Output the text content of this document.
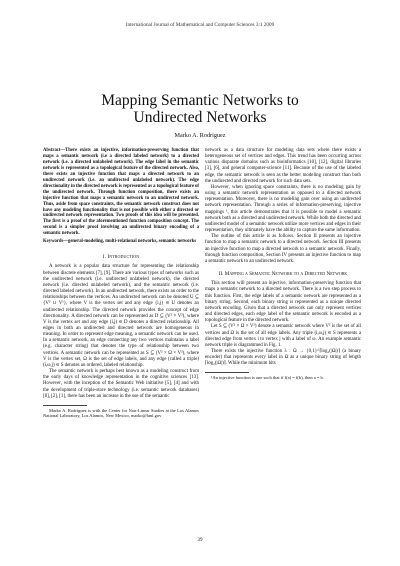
International Journal of Mathematical and Computer Sciences 3:1 2009
Mapping Semantic Networks to
Undirected Networks
Marko A. Rodriguez

Abstract—There exists an injective, information-preserving function that maps a semantic network (i.e a directed labeled network) to a directed network (i.e. a directed unlabeled network). The edge label in the semantic network is represented as a topological feature of the directed network. Also, there exists an injective function that maps a directed network to an undirected network (i.e. an undirected unlabeled network). The edge directionality in the directed network is represented as a topological feature of the undirected network. Through function composition, there exists an injective function that maps a semantic network to an undirected network. Thus, aside from space constraints, the semantic network construct does not have any modeling functionality that is not possible with either a directed or undirected network representation. Two proofs of this idea will be presented. The first is a proof of the aforementioned function composition concept. The second is a simpler proof involving an undirected binary encoding of a semantic network.

Keywords—general-modeling, multi-relational networks, semantic networks

I. Introduction

A network is a popular data structure for representing the relationship between discrete elements [7], [9]. There are various types of networks such as the undirected network (i.e. undirected unlabeled network), the directed network (i.e. directed unlabeled network), and the semantic network (i.e. directed labeled network). In an undirected network, there exists an order to the relationships between the vertices. An undirected network can be denoted U ⊆ {V² ∪ V¹}, where V is the vertex set and any edge {i,j} ∈ U denotes an undirected relationship. The directed network provides the concept of edge directionality. A directed network can be represented as D ⊆ (V² × V²), where V is the vertex set and any edge (i,j) ∈ D denotes a directed relationship. All edges in both an undirected and directed network are homogeneous in meaning. In order to represent edge meaning, a semantic network can be used. In a semantic network, an edge connecting any two vertices maintains a label (e.g. character string) that denotes the type of relationship between two vertices. A semantic network can be represented as S ⊆ (V² × Ω × V²), where V is the vertex set, Ω is the set of edge labels, and any edge (called a triple) (i,ω,j) ∈ S denotes an ordered, labeled relationship.

The semantic network is perhaps best known as a modeling construct from the early days of knowledge representation in the cognitive sciences [13]. However, with the inception of the Semantic Web initiative [5], [4] and with the development of triple-store technology (i.e. semantic network databases) [8], [2], [1], there has been an increase in the use of the semantic

Marko A. Rodriguez is with the Center for Non-Linear Studies at the Los Alamos National Laboratory, Los Alamos, New Mexico, marko@lanl.gov

network as a data structure for modeling data sets where there exists a heterogeneous set of vertices and edges. This trend has been occurring across various disparate domains such as bioinformatics [10], [12], digital libraries [3], [6], and general computer-science [11]. Because of the use of the labeled edge, the semantic network is seen as the better modeling construct than both the undirected and directed network for such data sets.

However, when ignoring space constraints, there is no modeling gain by using a semantic network representation as opposed to a directed network representation. Moreover, there is no modeling gain over using an undirected network representation. Through a series of information-preserving, injective mappings ¹, this article demonstrates that it is possible to model a semantic network both as a directed and undirected network. While both the directed and undirected model of a semantic network utilize more vertices and edges in their representation, they ultimately have the ability to capture the same information.

The outline of this article is as follows. Section II presents an injective function to map a semantic network to a directed network. Section III presents an injective function to map a directed network to a semantic network. Finally, through function composition, Section IV presents an injective function to map a semantic network to an undirected network.

II. Mapping a Semantic Network to a Directed Network

This section will present an injective, information-preserving function that maps a semantic network to a directed network. There is a two step process to this function. First, the edge labels of a semantic network are represented as a binary string. Second, each binary string is represented as a unique directed network encoding. Given that a directed network can only represent vertices and directed edges, each edge label of the semantic network is encoded as a topological feature in the directed network.

Let S ⊆ (V² × Ω × V²) denote a semantic network where V² is the set of all vertices and Ω is the set of all edge labels. Any triple (i,ω,j) ∈ S represents a directed edge from vertex i to vertex j with a label of ω. An example semantic network triple is diagrammed in Fig. 1.

There exists the injective function λ : Ω → {0,1}^⌈log₂(|Ω|)⌉ (a binary encoder) that represents every label in Ω as a unique binary string of length ⌈log₂(|Ω|)⌉. While the minimum bits

¹An injective function is one such that if f(a) = f(b), then a = b.

39
